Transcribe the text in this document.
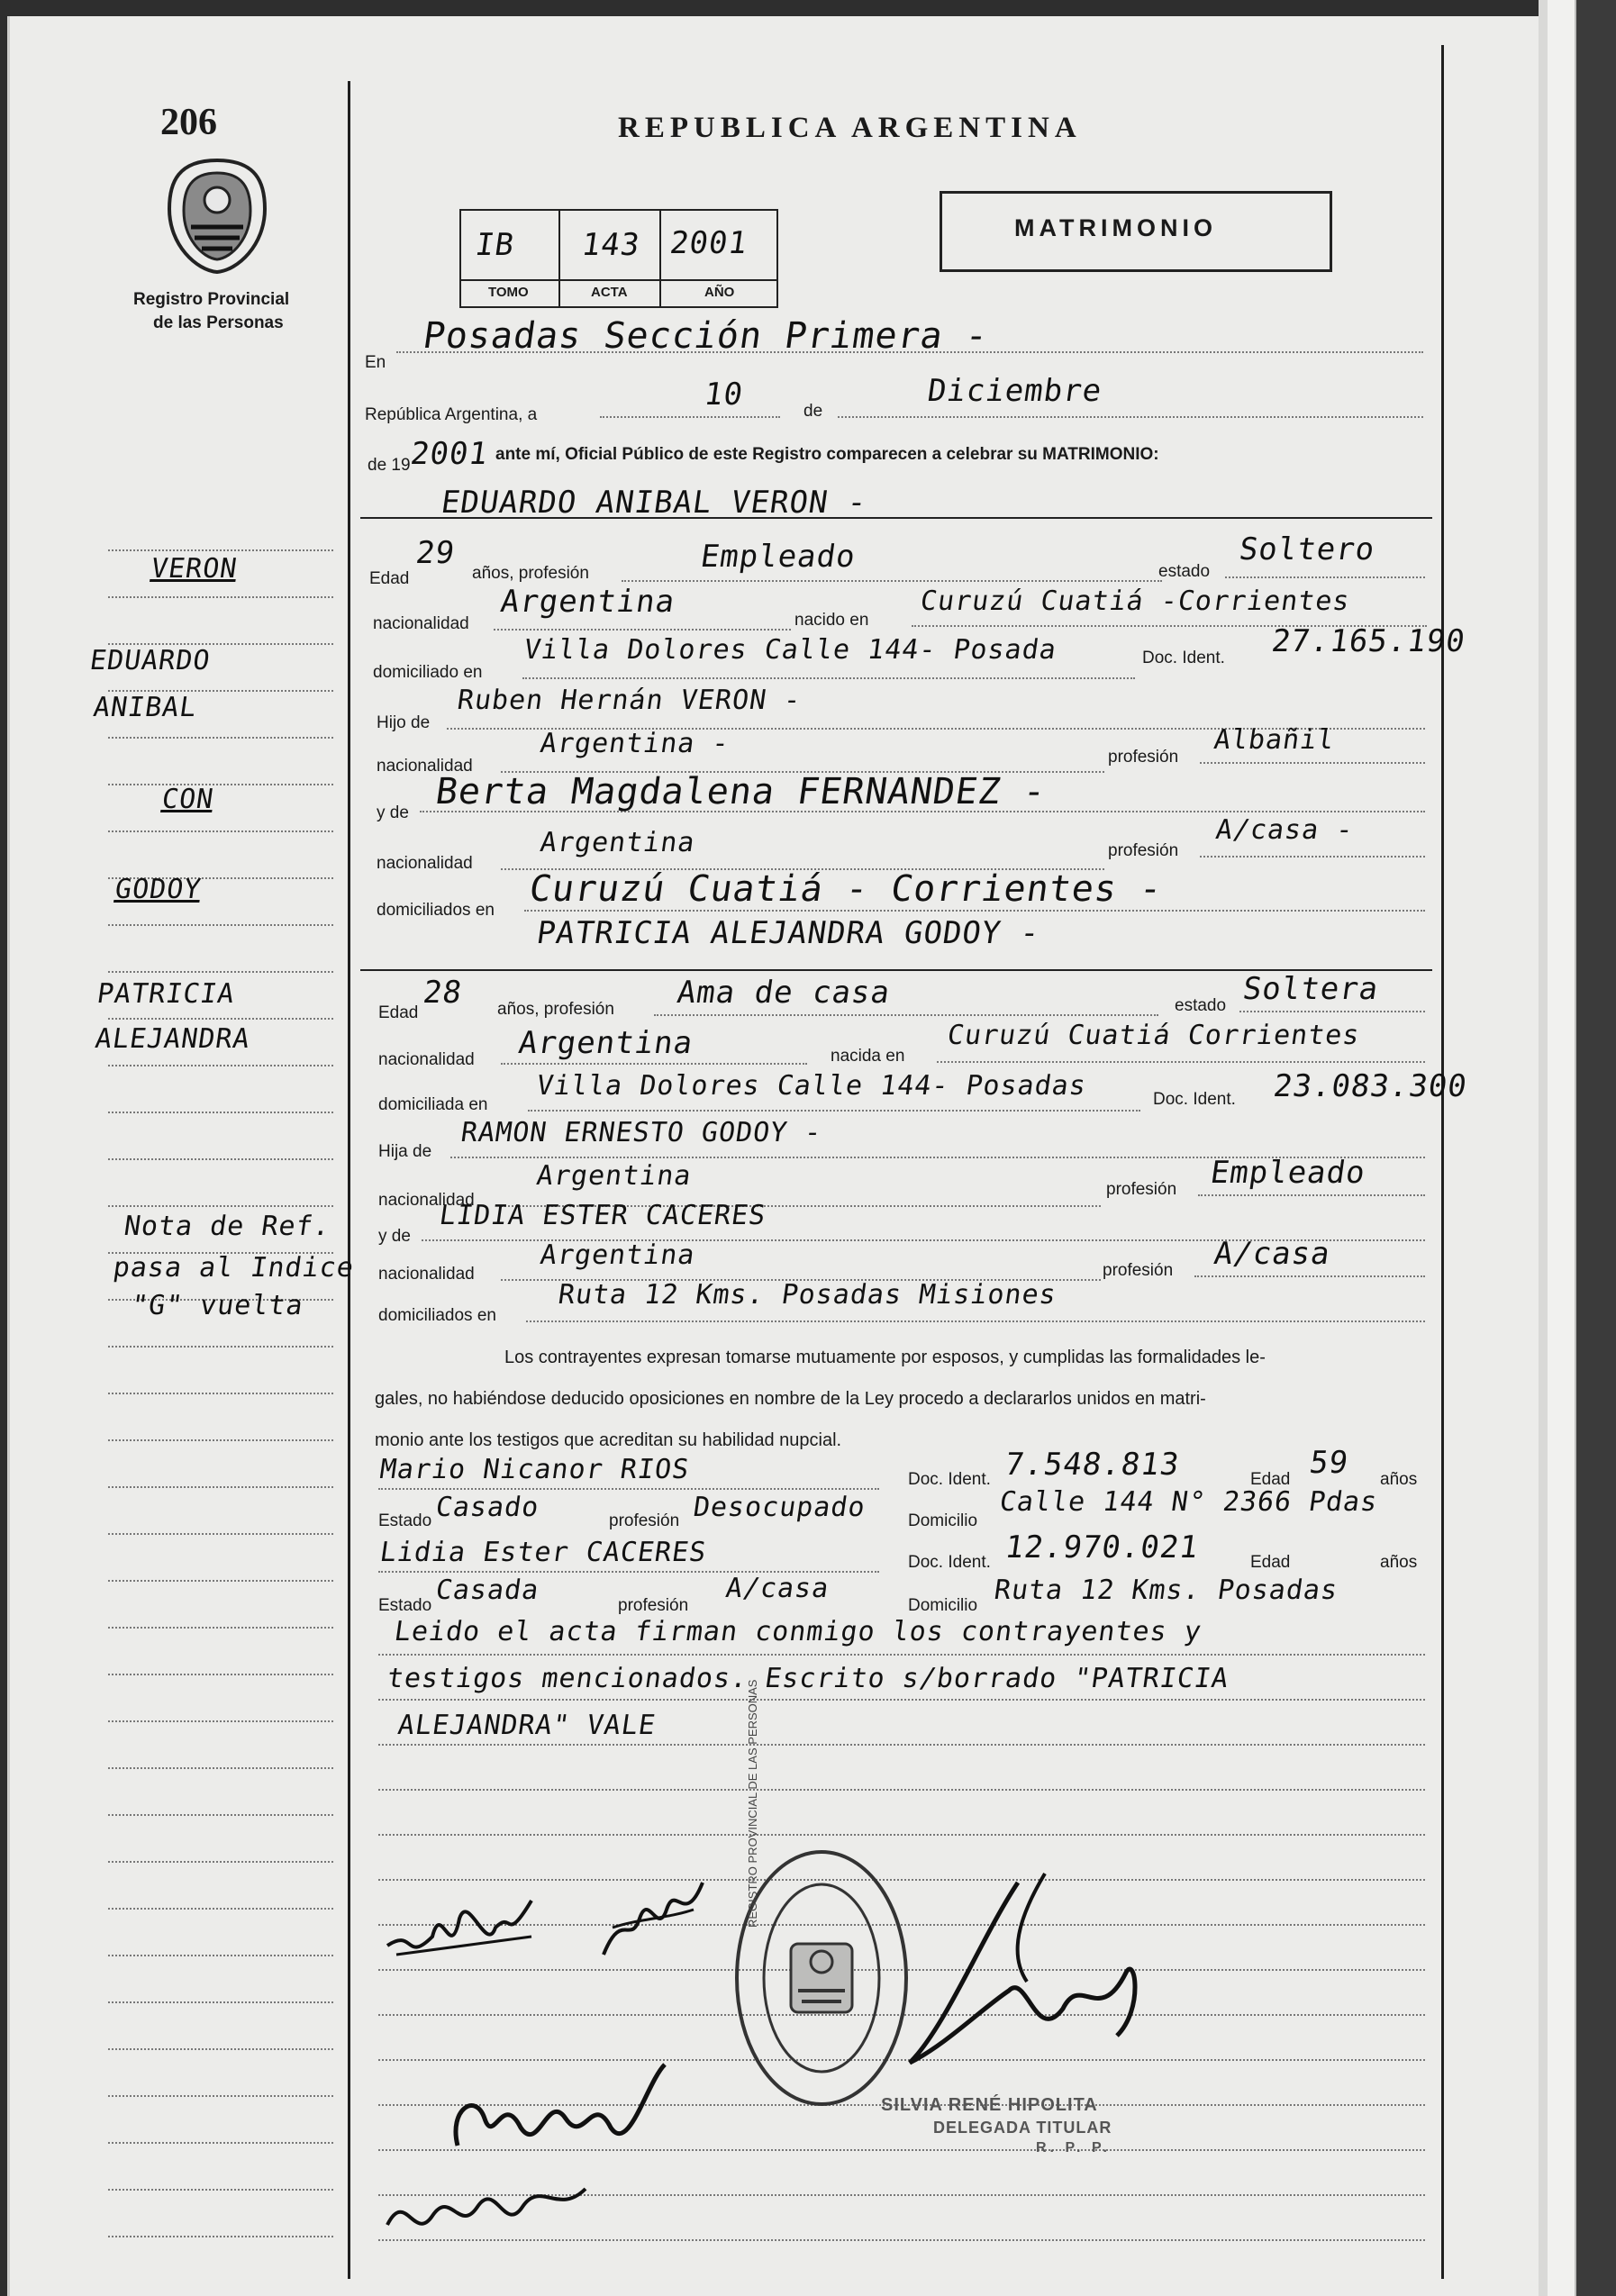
206
Registro Provincial
de las Personas
REPUBLICA ARGENTINA
MATRIMONIO
IB 143 2001
TOMO	ACTA	AÑO
En
Posadas Sección Primera -
República Argentina, a
10	de
Diciembre
de 19
2001 ante mí, Oficial Público de este Registro comparecen a celebrar su MATRIMONIO:
EDUARDO ANIBAL VERON -
Edad
29
años, profesión	Empleado	estado
Soltero
nacionalidad
Argentina
nacido en
Curuzú Cuatiá -Corrientes
domiciliado en
Villa Dolores Calle 144- Posada	Doc. Ident. 27.165.190
Hijo de
Ruben Hernán VERON -
nacionalidad
Argentina -	profesión
Albañil
y de
Berta Magdalena FERNANDEZ -
nacionalidad
Argentina	profesión
A/casa -
domiciliados en
Curuzú Cuatiá - Corrientes -
PATRICIA ALEJANDRA GODOY -
Edad
28 años, profesión Ama de casa	estado Soltera
nacionalidad Argentina	nacida en
Curuzú Cuatiá Corrientes
domiciliada en
Villa Dolores Calle 144- Posadas	Doc. Ident. 23.083.300
Hija de
RAMON ERNESTO GODOY -
nacionalidad
Argentina	profesión Empleado
y de
LIDIA ESTER CACERES
nacionalidad
Argentina	profesión A/casa
domiciliados en
Ruta 12 Kms. Posadas Misiones
Los contrayentes expresan tomarse mutuamente por esposos, y cumplidas las formalidades le-
gales, no habiéndose deducido oposiciones en nombre de la Ley procedo a declararlos unidos en matri-
monio ante los testigos que acreditan su habilidad nupcial.
Mario Nicanor RIOS	Doc. Ident. 7.548.813	Edad 59 años
Estado Casado	profesión Desocupado Domicilio
Calle 144 N° 2366 Pdas
Lidia Ester CACERES	Doc. Ident. 12.970.021	Edad	años
Estado Casada	profesión
A/casa
Domicilio Ruta 12 Kms. Posadas
Leido el acta firman conmigo los contrayentes y
testigos mencionados. Escrito s/borrado "PATRICIA
ALEJANDRA" VALE
VERON
EDUARDO
ANIBAL
CON
GODOY
PATRICIA
ALEJANDRA
Nota de Ref.
pasa al Indice
"G" vuelta
REGISTRO PROVINCIAL DE LAS PERSONAS
SILVIA RENÉ HIPOLITA
DELEGADA TITULAR
R. P. P.
